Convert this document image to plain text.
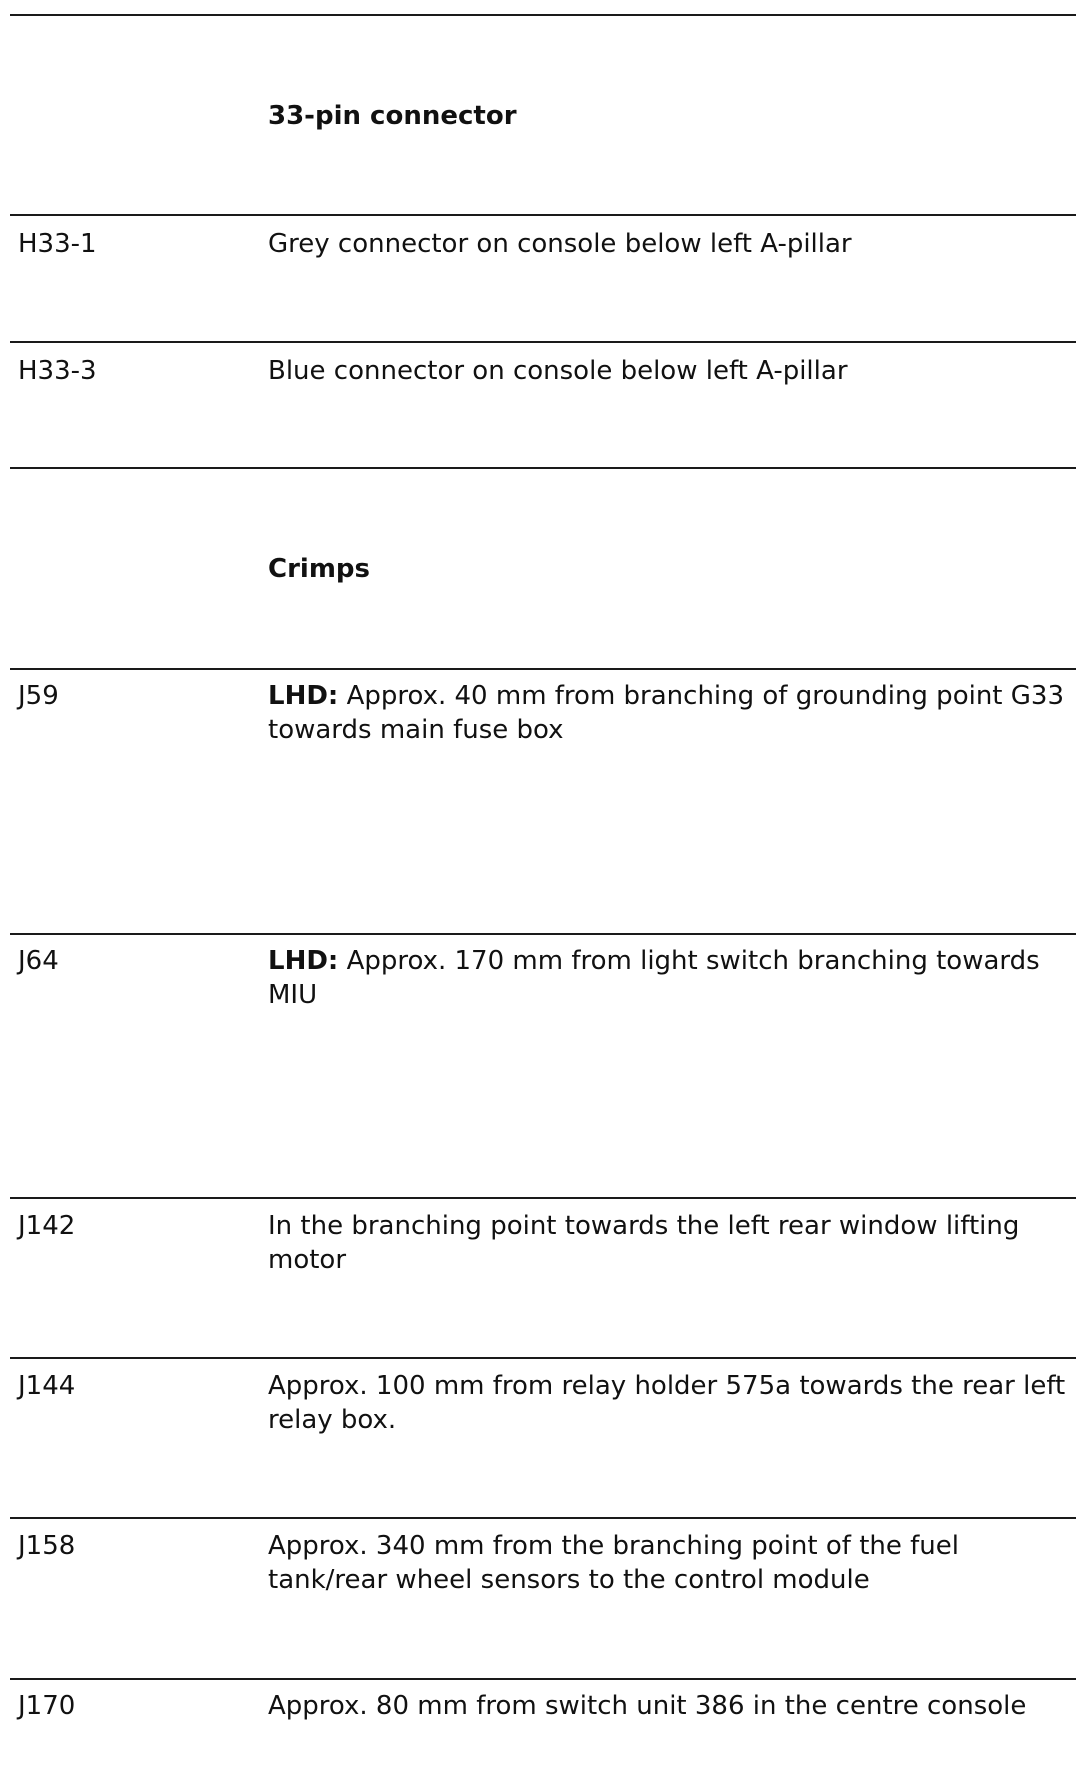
33-pin connector
H33-1	Grey connector on console below left A-pillar
H33-3	Blue connector on console below left A-pillar
Crimps
J59	LHD: Approx. 40 mm from branching of grounding point G33 towards main fuse box
J64	LHD: Approx. 170 mm from light switch branching towards MIU
J142	In the branching point towards the left rear window lifting motor
J144	Approx. 100 mm from relay holder 575a towards the rear left relay box.
J158	Approx. 340 mm from the branching point of the fuel tank/rear wheel sensors to the control module
J170	Approx. 80 mm from switch unit 386 in the centre console
